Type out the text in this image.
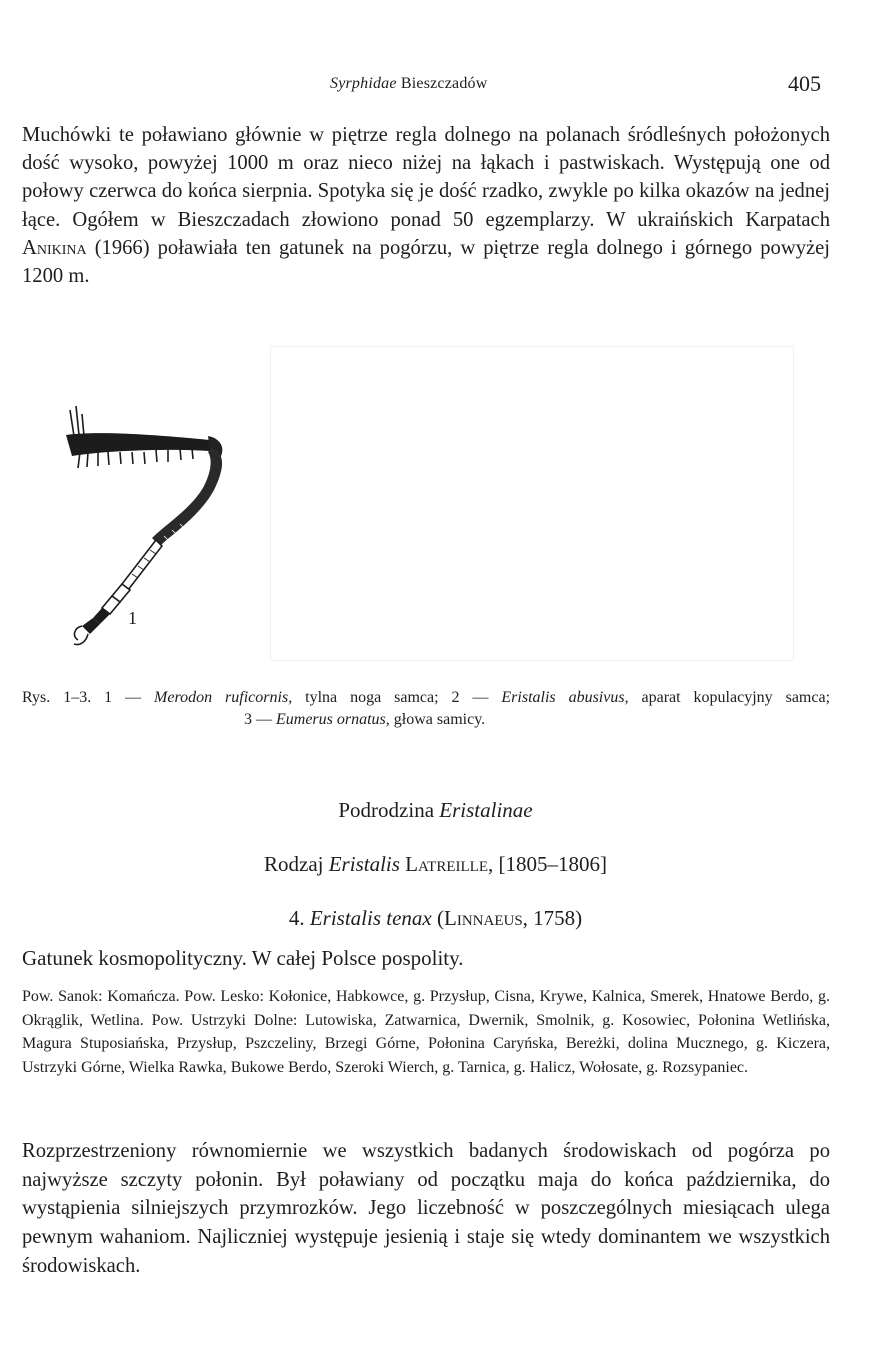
Syrphidae Bieszczadów	405

Muchówki te poławiano głównie w piętrze regla dolnego na polanach śródleśnych położonych dość wysoko, powyżej 1000 m oraz nieco niżej na łąkach i pastwiskach. Występują one od połowy czerwca do końca sierpnia. Spotyka się je dość rzadko, zwykle po kilka okazów na jednej łące. Ogółem w Bieszczadach złowiono ponad 50 egzemplarzy. W ukraińskich Karpatach Anikina (1966) poławiała ten gatunek na pogórzu, w piętrze regla dolnego i górnego powyżej 1200 m.

1
Rys. 1–3. 1 — Merodon ruficornis, tylna noga samca; 2 — Eristalis abusivus, aparat kopulacyjny samca;
3 — Eumerus ornatus, głowa samicy.
Podrodzina Eristalinae
Rodzaj Eristalis Latreille, [1805–1806]
4. Eristalis tenax (Linnaeus, 1758)

Gatunek kosmopolityczny. W całej Polsce pospolity.

Pow. Sanok: Komańcza. Pow. Lesko: Kołonice, Habkowce, g. Przysłup, Cisna, Krywe, Kalnica, Smerek, Hnatowe Berdo, g. Okrąglik, Wetlina. Pow. Ustrzyki Dolne: Lutowiska, Zatwarnica, Dwernik, Smolnik, g. Kosowiec, Połonina Wetlińska, Magura Stuposiańska, Przysłup, Pszczeliny, Brzegi Górne, Połonina Caryńska, Bereżki, dolina Mucznego, g. Kiczera, Ustrzyki Górne, Wielka Rawka, Bukowe Berdo, Szeroki Wierch, g. Tarnica, g. Halicz, Wołosate, g. Rozsypaniec.

Rozprzestrzeniony równomiernie we wszystkich badanych środowiskach od pogórza po najwyższe szczyty połonin. Był poławiany od początku maja do końca października, do wystąpienia silniejszych przymrozków. Jego liczebność w poszczególnych miesiącach ulega pewnym wahaniom. Najliczniej występuje jesienią i staje się wtedy dominantem we wszystkich środowiskach.
